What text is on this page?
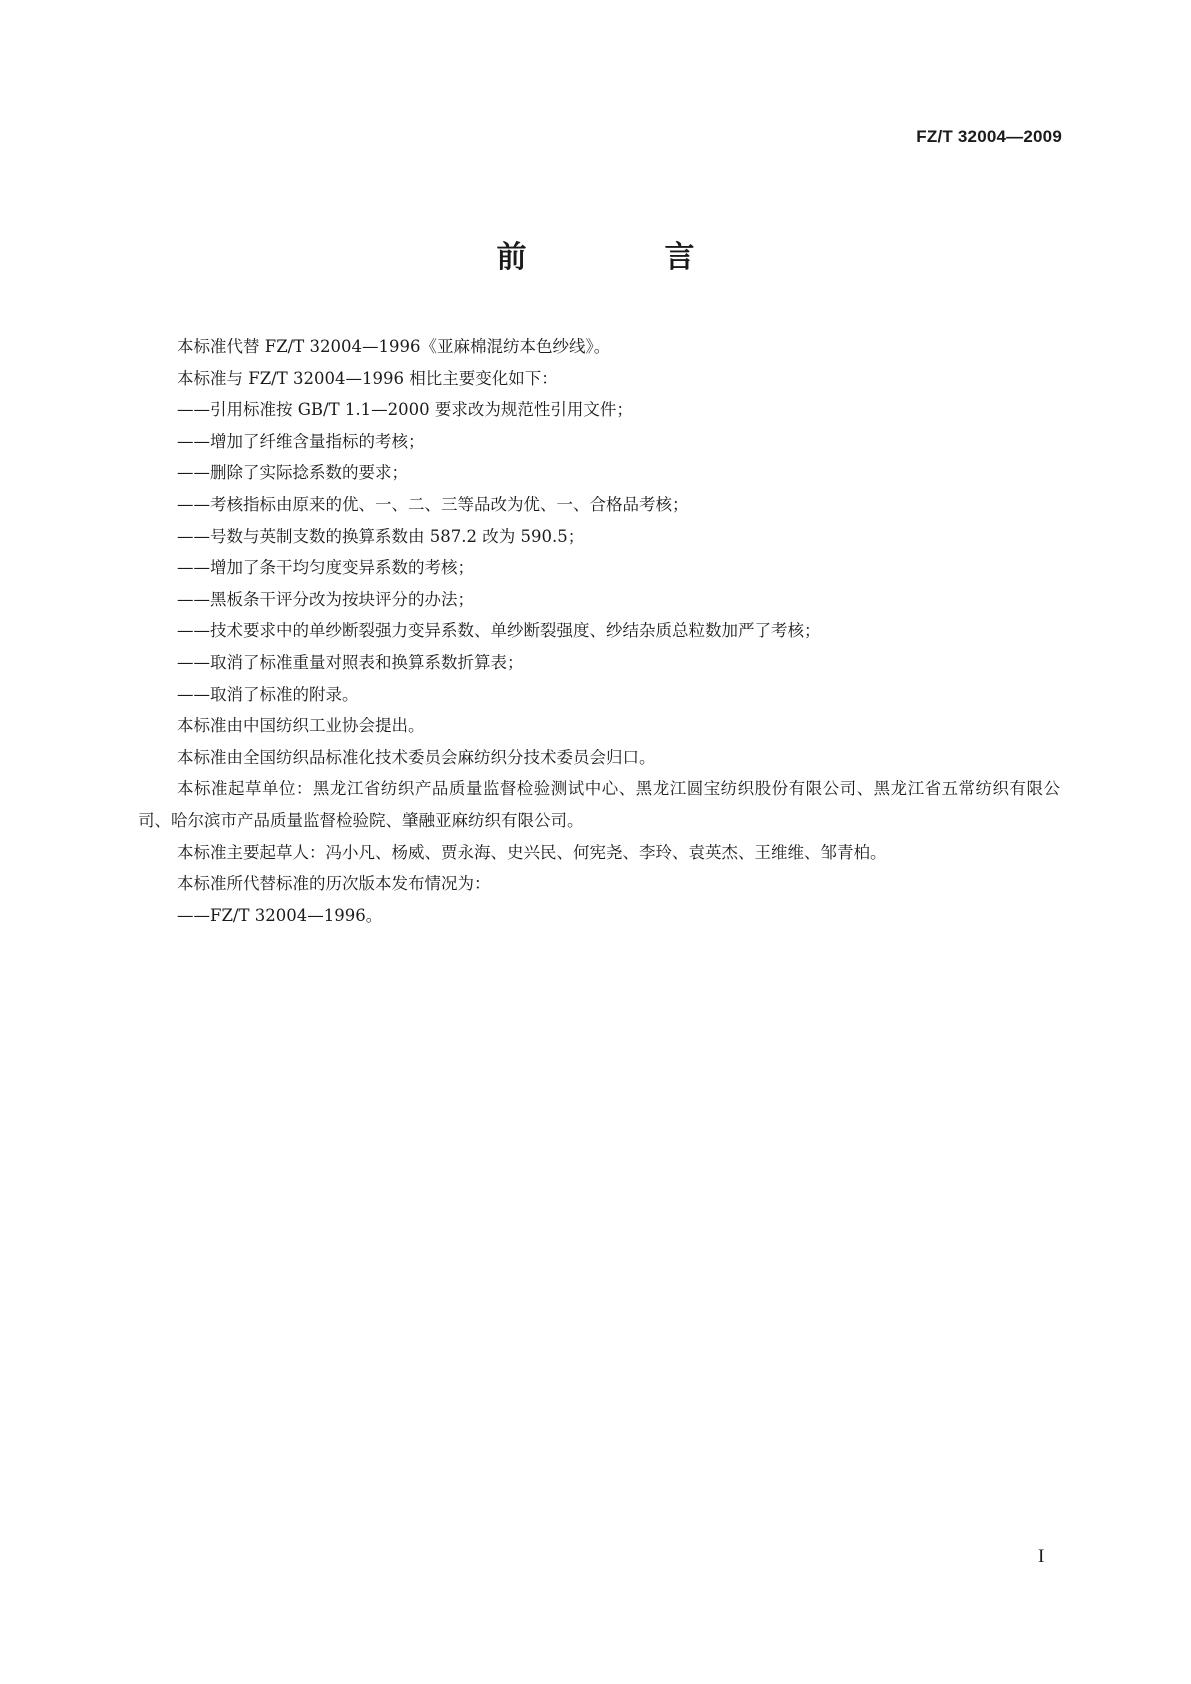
FZ/T 32004—2009
前　言

本标准代替 FZ/T 32004—1996《亚麻棉混纺本色纱线》。

本标准与 FZ/T 32004—1996 相比主要变化如下：

——引用标准按 GB/T 1.1—2000 要求改为规范性引用文件；

——增加了纤维含量指标的考核；

——删除了实际捻系数的要求；

——考核指标由原来的优、一、二、三等品改为优、一、合格品考核；

——号数与英制支数的换算系数由 587.2 改为 590.5；

——增加了条干均匀度变异系数的考核；

——黑板条干评分改为按块评分的办法；

——技术要求中的单纱断裂强力变异系数、单纱断裂强度、纱结杂质总粒数加严了考核；

——取消了标准重量对照表和换算系数折算表；

——取消了标准的附录。

本标准由中国纺织工业协会提出。

本标准由全国纺织品标准化技术委员会麻纺织分技术委员会归口。

本标准起草单位：黑龙江省纺织产品质量监督检验测试中心、黑龙江圆宝纺织股份有限公司、黑龙江省五常纺织有限公司、哈尔滨市产品质量监督检验院、肇融亚麻纺织有限公司。

本标准主要起草人：冯小凡、杨威、贾永海、史兴民、何宪尧、李玲、袁英杰、王维维、邹青柏。

本标准所代替标准的历次版本发布情况为：

——FZ/T 32004—1996。

I
